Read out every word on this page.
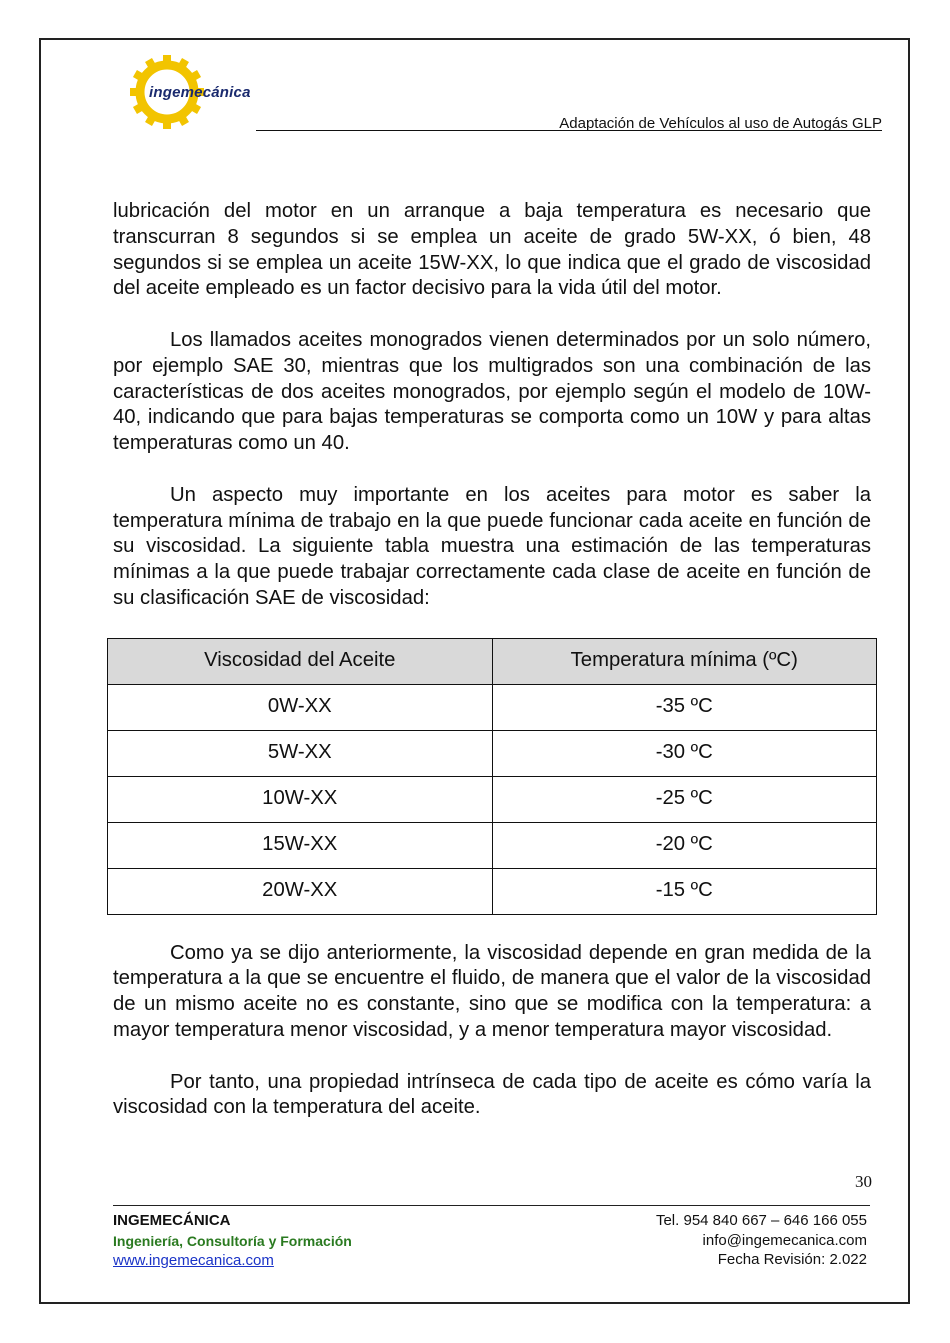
ingemecánica
Adaptación de Vehículos al uso de Autogás GLP

lubricación del motor en un arranque a baja temperatura es necesario que transcurran 8 segundos si se emplea un aceite de grado 5W-XX, ó bien, 48 segundos si se emplea un aceite 15W-XX, lo que indica que el grado de viscosidad del aceite empleado es un factor decisivo para la vida útil del motor.

Los llamados aceites monogrados vienen determinados por un solo número, por ejemplo SAE 30, mientras que los multigrados son una combinación de las características de dos aceites monogrados, por ejemplo según el modelo de 10W-40, indicando que para bajas temperaturas se comporta como un 10W y para altas temperaturas como un 40.

Un aspecto muy importante en los aceites para motor es saber la temperatura mínima de trabajo en la que puede funcionar cada aceite en función de su viscosidad. La siguiente tabla muestra una estimación de las temperaturas mínimas a la que puede trabajar correctamente cada clase de aceite en función de su clasificación SAE de viscosidad:

Viscosidad del Aceite	Temperatura mínima (ºC)
0W-XX	-35 ºC
5W-XX	-30 ºC
10W-XX	-25 ºC
15W-XX	-20 ºC
20W-XX	-15 ºC

Como ya se dijo anteriormente, la viscosidad depende en gran medida de la temperatura a la que se encuentre el fluido, de manera que el valor de la viscosidad de un mismo aceite no es constante, sino que se modifica con la temperatura: a mayor temperatura menor viscosidad, y a menor temperatura mayor viscosidad.

Por tanto, una propiedad intrínseca de cada tipo de aceite es cómo varía la viscosidad con la temperatura del aceite.

30
INGEMECÁNICA
Ingeniería, Consultoría y Formación
www.ingemecanica.com
Tel. 954 840 667 – 646 166 055
info@ingemecanica.com
Fecha Revisión: 2.022
